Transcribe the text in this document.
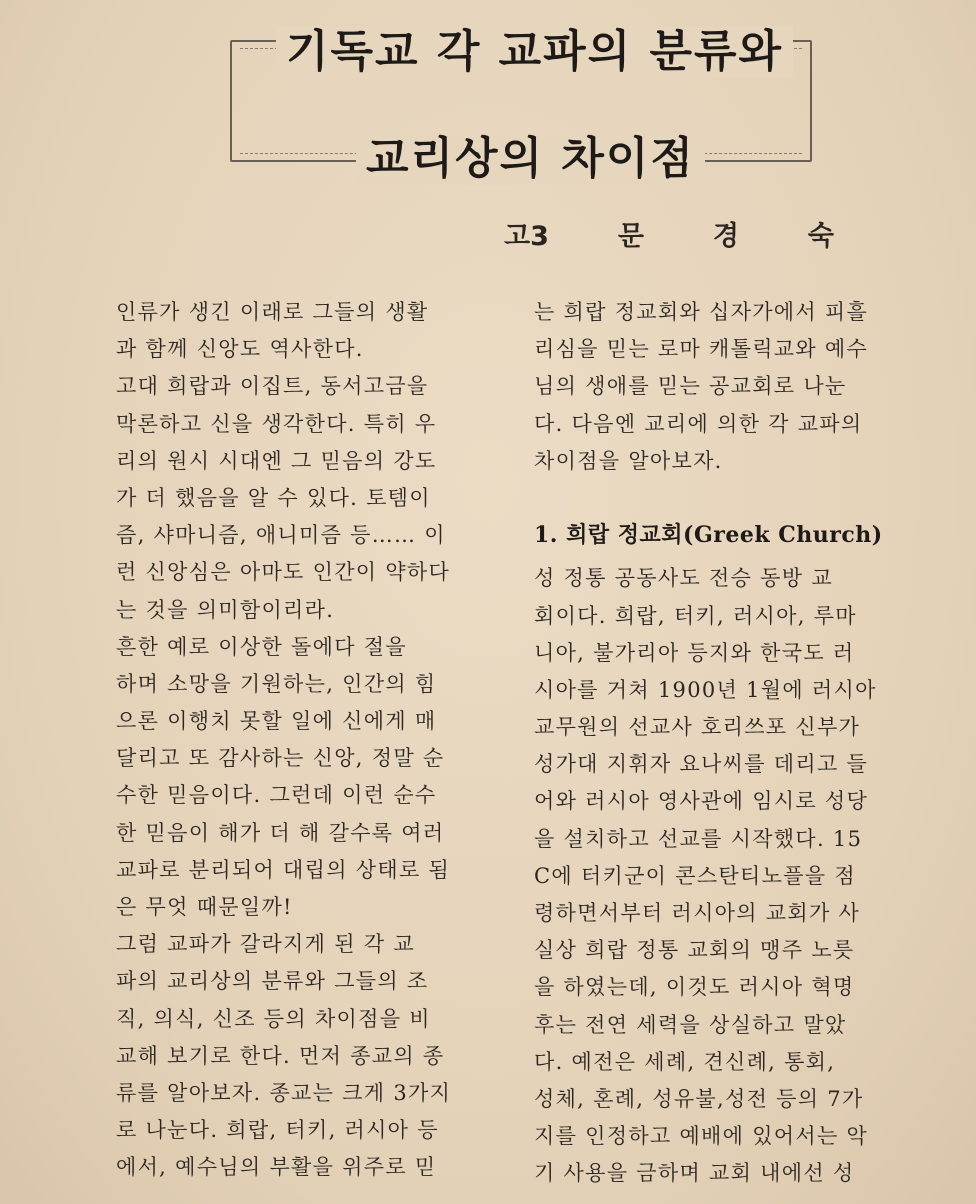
기독교 각 교파의 분류와
교리상의 차이점
고3	문	경	숙
인류가 생긴 이래로 그들의 생활
과 함께 신앙도 역사한다.
고대 희랍과 이집트, 동서고금을
막론하고 신을 생각한다. 특히 우
리의 원시 시대엔 그 믿음의 강도
가 더 했음을 알 수 있다. 토템이
즘, 샤마니즘, 애니미즘 등…… 이
런 신앙심은 아마도 인간이 약하다
는 것을 의미함이리라.
흔한 예로 이상한 돌에다 절을
하며 소망을 기원하는, 인간의 힘
으론 이행치 못할 일에 신에게 매
달리고 또 감사하는 신앙, 정말 순
수한 믿음이다. 그런데 이런 순수
한 믿음이 해가 더 해 갈수록 여러
교파로 분리되어 대립의 상태로 됨
은 무엇 때문일까!
그럼 교파가 갈라지게 된 각 교
파의 교리상의 분류와 그들의 조
직, 의식, 신조 등의 차이점을 비
교해 보기로 한다. 먼저 종교의 종
류를 알아보자. 종교는 크게 3가지
로 나눈다. 희랍, 터키, 러시아 등
에서, 예수님의 부활을 위주로 믿
는 희랍 정교회와 십자가에서 피흘
리심을 믿는 로마 캐톨릭교와 예수
님의 생애를 믿는 공교회로 나눈
다. 다음엔 교리에 의한 각 교파의
차이점을 알아보자.
1. 희랍 정교회(Greek Church)
성 정통 공동사도 전승 동방 교
회이다. 희랍, 터키, 러시아, 루마
니아, 불가리아 등지와 한국도 러
시아를 거쳐 1900년 1월에 러시아
교무원의 선교사 호리쓰포 신부가
성가대 지휘자 요나씨를 데리고 들
어와 러시아 영사관에 임시로 성당
을 설치하고 선교를 시작했다. 15
C에 터키군이 콘스탄티노플을 점
령하면서부터 러시아의 교회가 사
실상 희랍 정통 교회의 맹주 노릇
을 하였는데, 이것도 러시아 혁명
후는 전연 세력을 상실하고 말았
다. 예전은 세례, 견신례, 통회,
성체, 혼례, 성유불,성전 등의 7가
지를 인정하고 예배에 있어서는 악
기 사용을 금하며 교회 내에선 성
